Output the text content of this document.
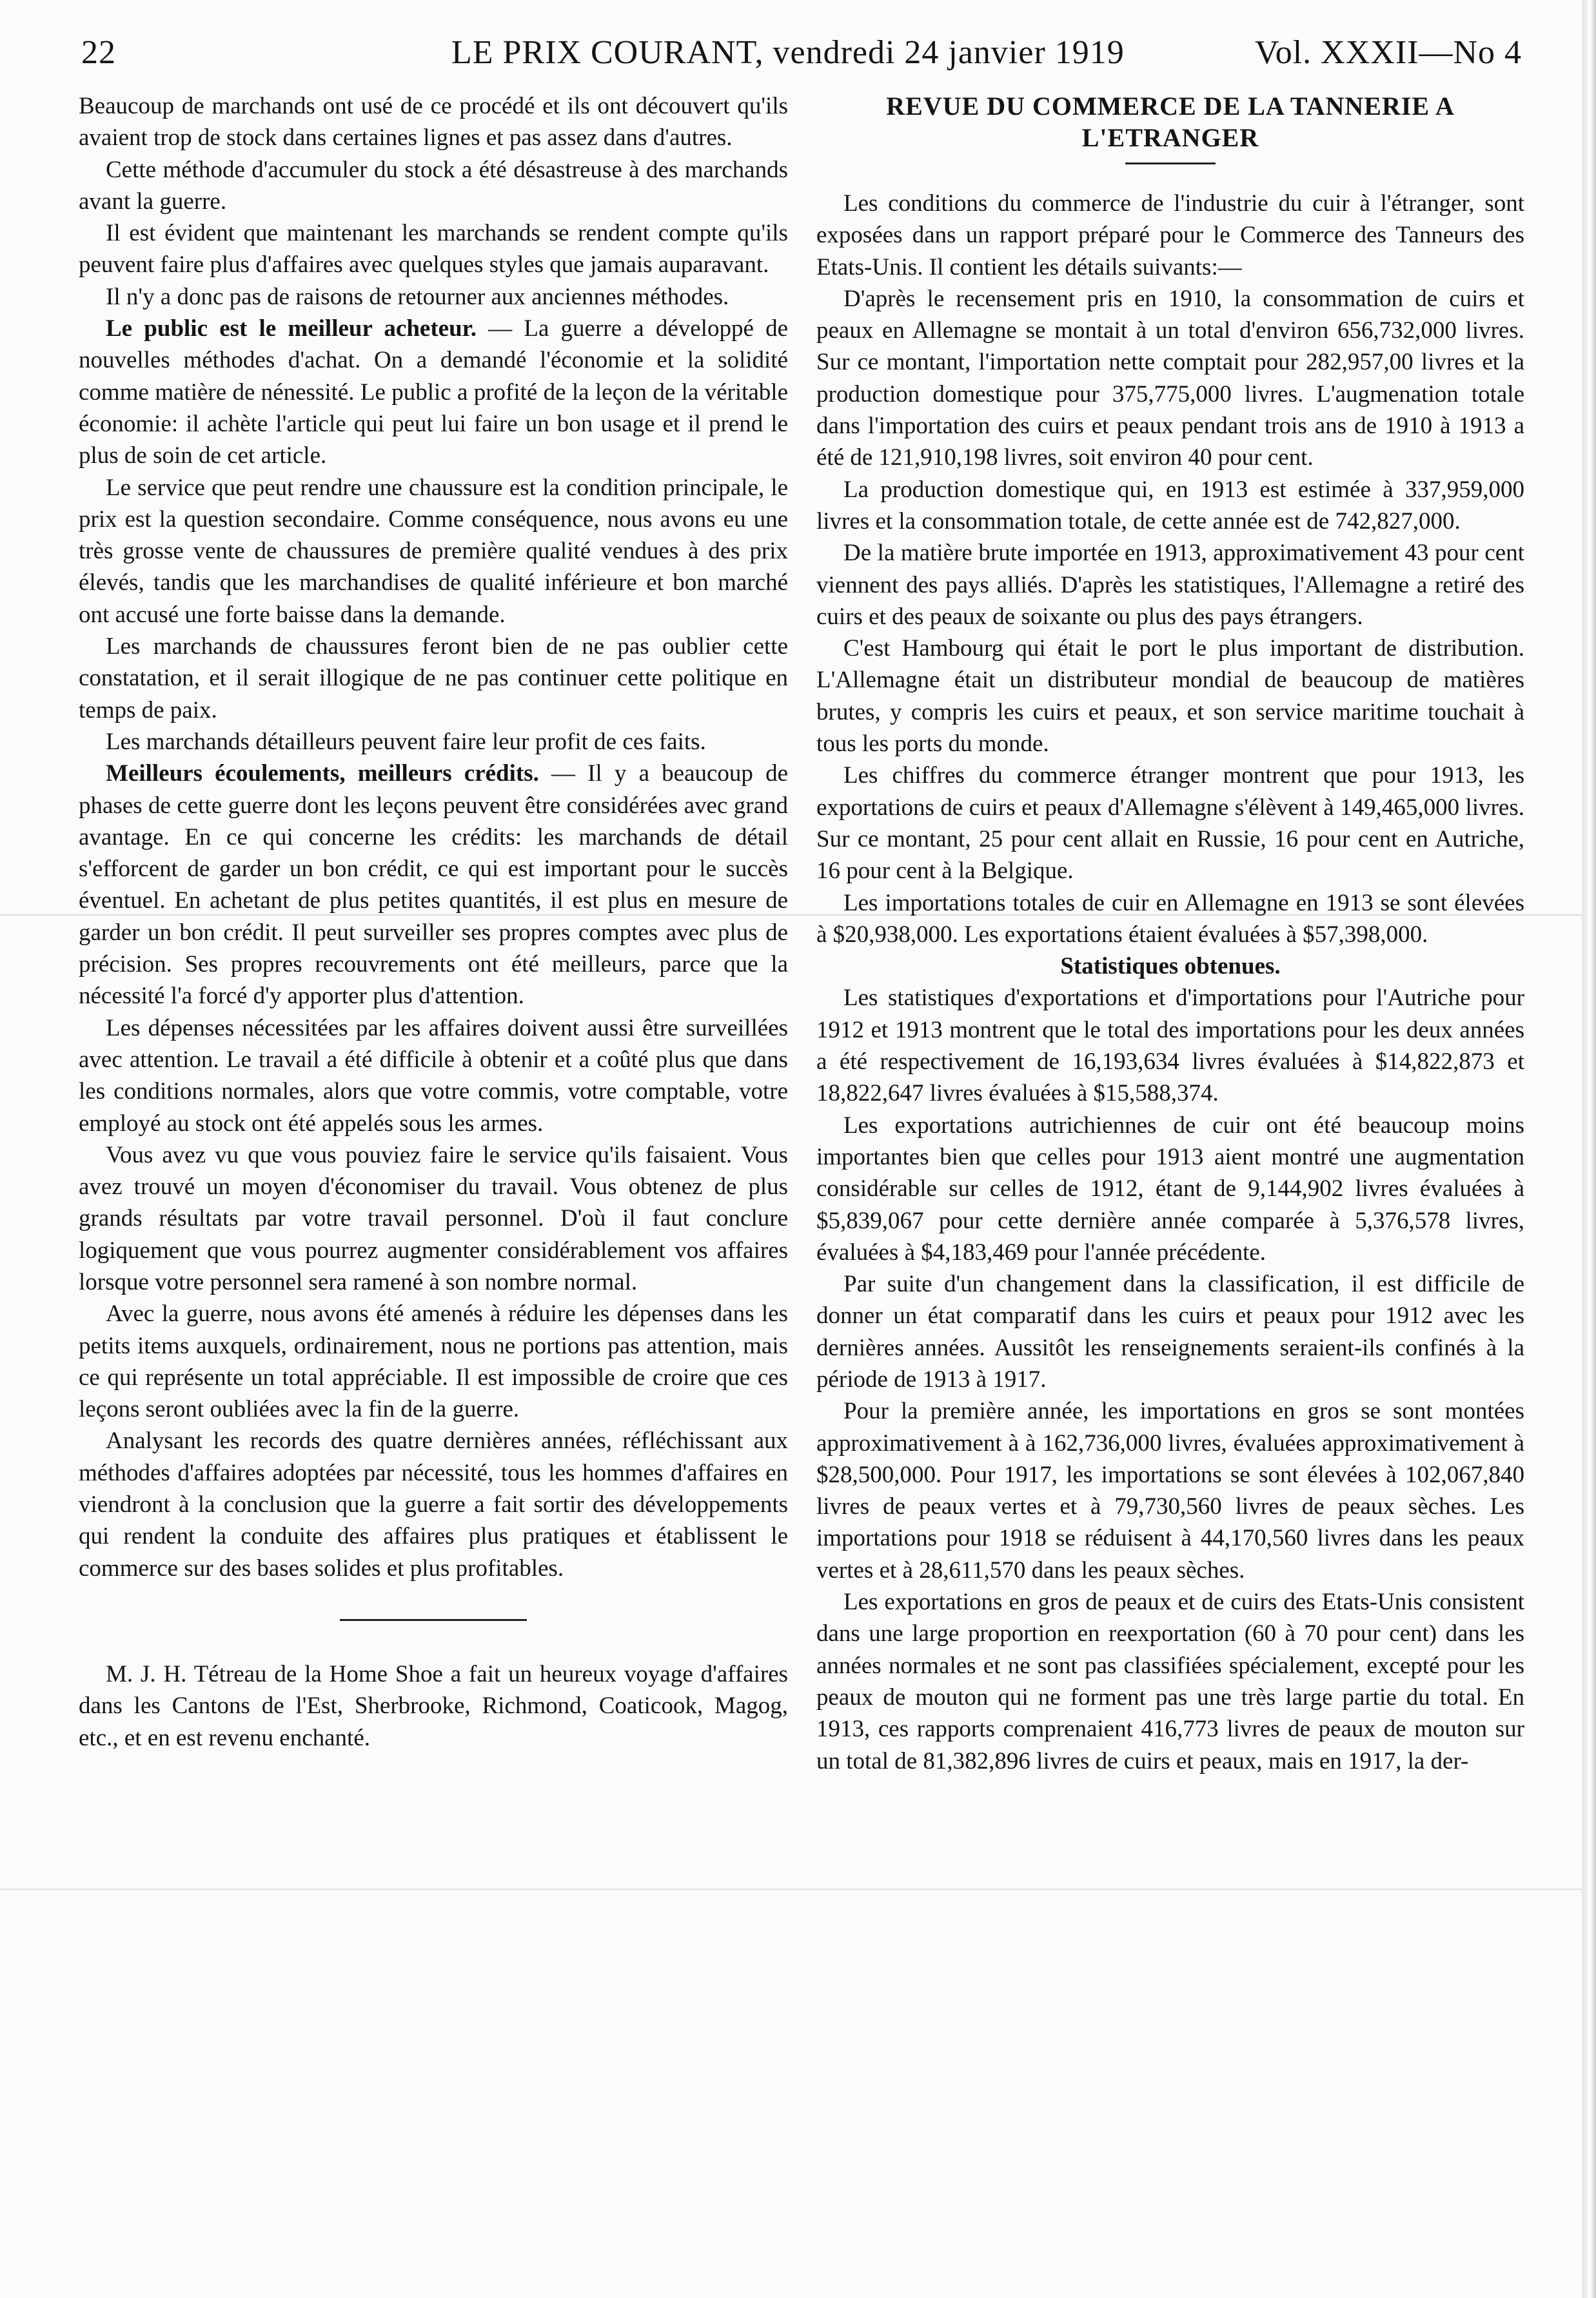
22	LE PRIX COURANT, vendredi 24 janvier 1919	Vol. XXXII—No 4

Beaucoup de marchands ont usé de ce procédé et ils ont découvert qu'ils avaient trop de stock dans certaines lignes et pas assez dans d'autres.

Cette méthode d'accumuler du stock a été désastreuse à des marchands avant la guerre.

Il est évident que maintenant les marchands se rendent compte qu'ils peuvent faire plus d'affaires avec quelques styles que jamais auparavant.

Il n'y a donc pas de raisons de retourner aux anciennes méthodes.

Le public est le meilleur acheteur. — La guerre a développé de nouvelles méthodes d'achat. On a demandé l'économie et la solidité comme matière de nénessité. Le public a profité de la leçon de la véritable économie: il achète l'article qui peut lui faire un bon usage et il prend le plus de soin de cet article.

Le service que peut rendre une chaussure est la condition principale, le prix est la question secondaire. Comme conséquence, nous avons eu une très grosse vente de chaussures de première qualité vendues à des prix élevés, tandis que les marchandises de qualité inférieure et bon marché ont accusé une forte baisse dans la demande.

Les marchands de chaussures feront bien de ne pas oublier cette constatation, et il serait illogique de ne pas continuer cette politique en temps de paix.

Les marchands détailleurs peuvent faire leur profit de ces faits.

Meilleurs écoulements, meilleurs crédits. — Il y a beaucoup de phases de cette guerre dont les leçons peuvent être considérées avec grand avantage. En ce qui concerne les crédits: les marchands de détail s'efforcent de garder un bon crédit, ce qui est important pour le succès éventuel. En achetant de plus petites quantités, il est plus en mesure de garder un bon crédit. Il peut surveiller ses propres comptes avec plus de précision. Ses propres recouvrements ont été meilleurs, parce que la nécessité l'a forcé d'y apporter plus d'attention.

Les dépenses nécessitées par les affaires doivent aussi être surveillées avec attention. Le travail a été difficile à obtenir et a coûté plus que dans les conditions normales, alors que votre commis, votre comptable, votre employé au stock ont été appelés sous les armes.

Vous avez vu que vous pouviez faire le service qu'ils faisaient. Vous avez trouvé un moyen d'économiser du travail. Vous obtenez de plus grands résultats par votre travail personnel. D'où il faut conclure logiquement que vous pourrez augmenter considérablement vos affaires lorsque votre personnel sera ramené à son nombre normal.

Avec la guerre, nous avons été amenés à réduire les dépenses dans les petits items auxquels, ordinairement, nous ne portions pas attention, mais ce qui représente un total appréciable. Il est impossible de croire que ces leçons seront oubliées avec la fin de la guerre.

Analysant les records des quatre dernières années, réfléchissant aux méthodes d'affaires adoptées par nécessité, tous les hommes d'affaires en viendront à la conclusion que la guerre a fait sortir des développements qui rendent la conduite des affaires plus pratiques et établissent le commerce sur des bases solides et plus profitables.

M. J. H. Tétreau de la Home Shoe a fait un heureux voyage d'affaires dans les Cantons de l'Est, Sherbrooke, Richmond, Coaticook, Magog, etc., et en est revenu enchanté.

REVUE DU COMMERCE DE LA TANNERIE A L'ETRANGER

Les conditions du commerce de l'industrie du cuir à l'étranger, sont exposées dans un rapport préparé pour le Commerce des Tanneurs des Etats-Unis. Il contient les détails suivants:—

D'après le recensement pris en 1910, la consommation de cuirs et peaux en Allemagne se montait à un total d'environ 656,732,000 livres. Sur ce montant, l'importation nette comptait pour 282,957,00 livres et la production domestique pour 375,775,000 livres. L'augmenation totale dans l'importation des cuirs et peaux pendant trois ans de 1910 à 1913 a été de 121,910,198 livres, soit environ 40 pour cent.

La production domestique qui, en 1913 est estimée à 337,959,000 livres et la consommation totale, de cette année est de 742,827,000.

De la matière brute importée en 1913, approximativement 43 pour cent viennent des pays alliés. D'après les statistiques, l'Allemagne a retiré des cuirs et des peaux de soixante ou plus des pays étrangers.

C'est Hambourg qui était le port le plus important de distribution. L'Allemagne était un distributeur mondial de beaucoup de matières brutes, y compris les cuirs et peaux, et son service maritime touchait à tous les ports du monde.

Les chiffres du commerce étranger montrent que pour 1913, les exportations de cuirs et peaux d'Allemagne s'élèvent à 149,465,000 livres. Sur ce montant, 25 pour cent allait en Russie, 16 pour cent en Autriche, 16 pour cent à la Belgique.

Les importations totales de cuir en Allemagne en 1913 se sont élevées à $20,938,000. Les exportations étaient évaluées à $57,398,000.

Statistiques obtenues.

Les statistiques d'exportations et d'importations pour l'Autriche pour 1912 et 1913 montrent que le total des importations pour les deux années a été respectivement de 16,193,634 livres évaluées à $14,822,873 et 18,822,647 livres évaluées à $15,588,374.

Les exportations autrichiennes de cuir ont été beaucoup moins importantes bien que celles pour 1913 aient montré une augmentation considérable sur celles de 1912, étant de 9,144,902 livres évaluées à $5,839,067 pour cette dernière année comparée à 5,376,578 livres, évaluées à $4,183,469 pour l'année précédente.

Par suite d'un changement dans la classification, il est difficile de donner un état comparatif dans les cuirs et peaux pour 1912 avec les dernières années. Aussitôt les renseignements seraient-ils confinés à la période de 1913 à 1917.

Pour la première année, les importations en gros se sont montées approximativement à à 162,736,000 livres, évaluées approximativement à $28,500,000. Pour 1917, les importations se sont élevées à 102,067,840 livres de peaux vertes et à 79,730,560 livres de peaux sèches. Les importations pour 1918 se réduisent à 44,170,560 livres dans les peaux vertes et à 28,611,570 dans les peaux sèches.

Les exportations en gros de peaux et de cuirs des Etats-Unis consistent dans une large proportion en reexportation (60 à 70 pour cent) dans les années normales et ne sont pas classifiées spécialement, excepté pour les peaux de mouton qui ne forment pas une très large partie du total. En 1913, ces rapports comprenaient 416,773 livres de peaux de mouton sur un total de 81,382,896 livres de cuirs et peaux, mais en 1917, la der-
